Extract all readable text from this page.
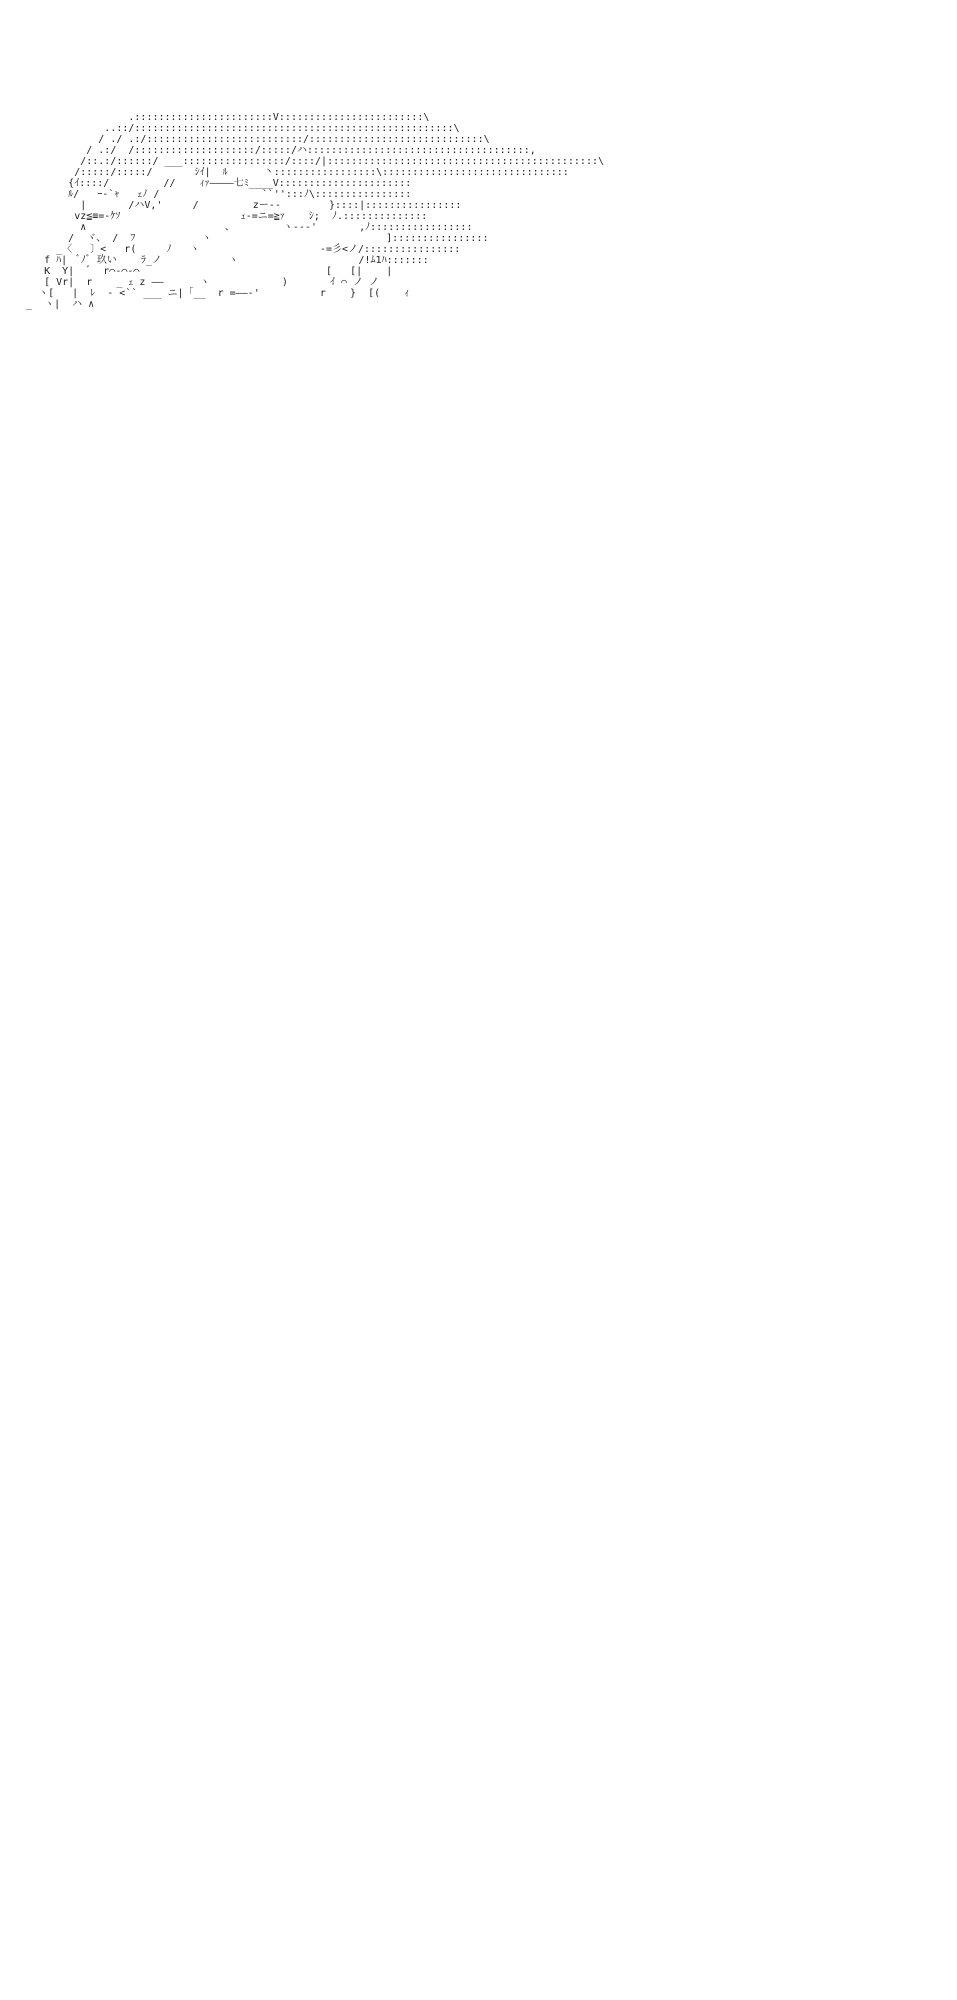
.:::::::::::::::::::::::V::::::::::::::::::::::::\
..::/:::::::::::::::::::::::::::::::::::::::::::::::::::::\
/ ./ .:/::::::::::::::::::::::::::/:::::::::::::::::::::::::::::\
/ .:/  /::::::::::::::::::::/:::::/ハ:::::::::::::::::::::::::::::::::::::,
/::.:/::::::/ ___:::::::::::::::::/::::/|:::::::::::::::::::::::::::::::::::::::::::::\
/:::::/:::::/       ｼｲ|  ﾙ      丶:::::::::::::::::\:::::::::::::::::::::::::::::::
{ｲ::::/         //    ｨｧ――――七ﾐ____V::::::::::::::::::::::
ﾙ/   ｰ‐`ｬ   ｪﾉ /                 ``'':::ﾉ\::::::::::::::::
|       /ハV,'     /         zー‐-        }::::|::::::::::::::::
vz≦≡=-ｹｿ                    ｪ-=ニ=≧ｧ    ｼ;  ﾉ.::::::::::::::
∧                       、        ヽ‐--'       ,ﾉ:::::::::::::::::
/  ヾ、 /  ﾌ           ヽ                             ]::::::::::::::::
_〈   〕<   r(     ﾉ   ヽ                    -=彡<ノ/::::::::::::::::
f ﾊ|  ﾞﾉﾞ 玖い    ﾗ_ノ           ヽ                    /!ﾑ1ﾊ:::::::
K  Y|  ﾞ  r⌒‐⌒‐⌒                               [   [|    |
[ Vr|  r    _ ｪ z ――      ヽ            )       ｲ ⌒ ノ ノ
ヽ[   |  ﾚ  ‐ <`` ___ ニ|「__  r =――‐'          r    }  [(    ｨ
_  ヽ|  ハ ∧
